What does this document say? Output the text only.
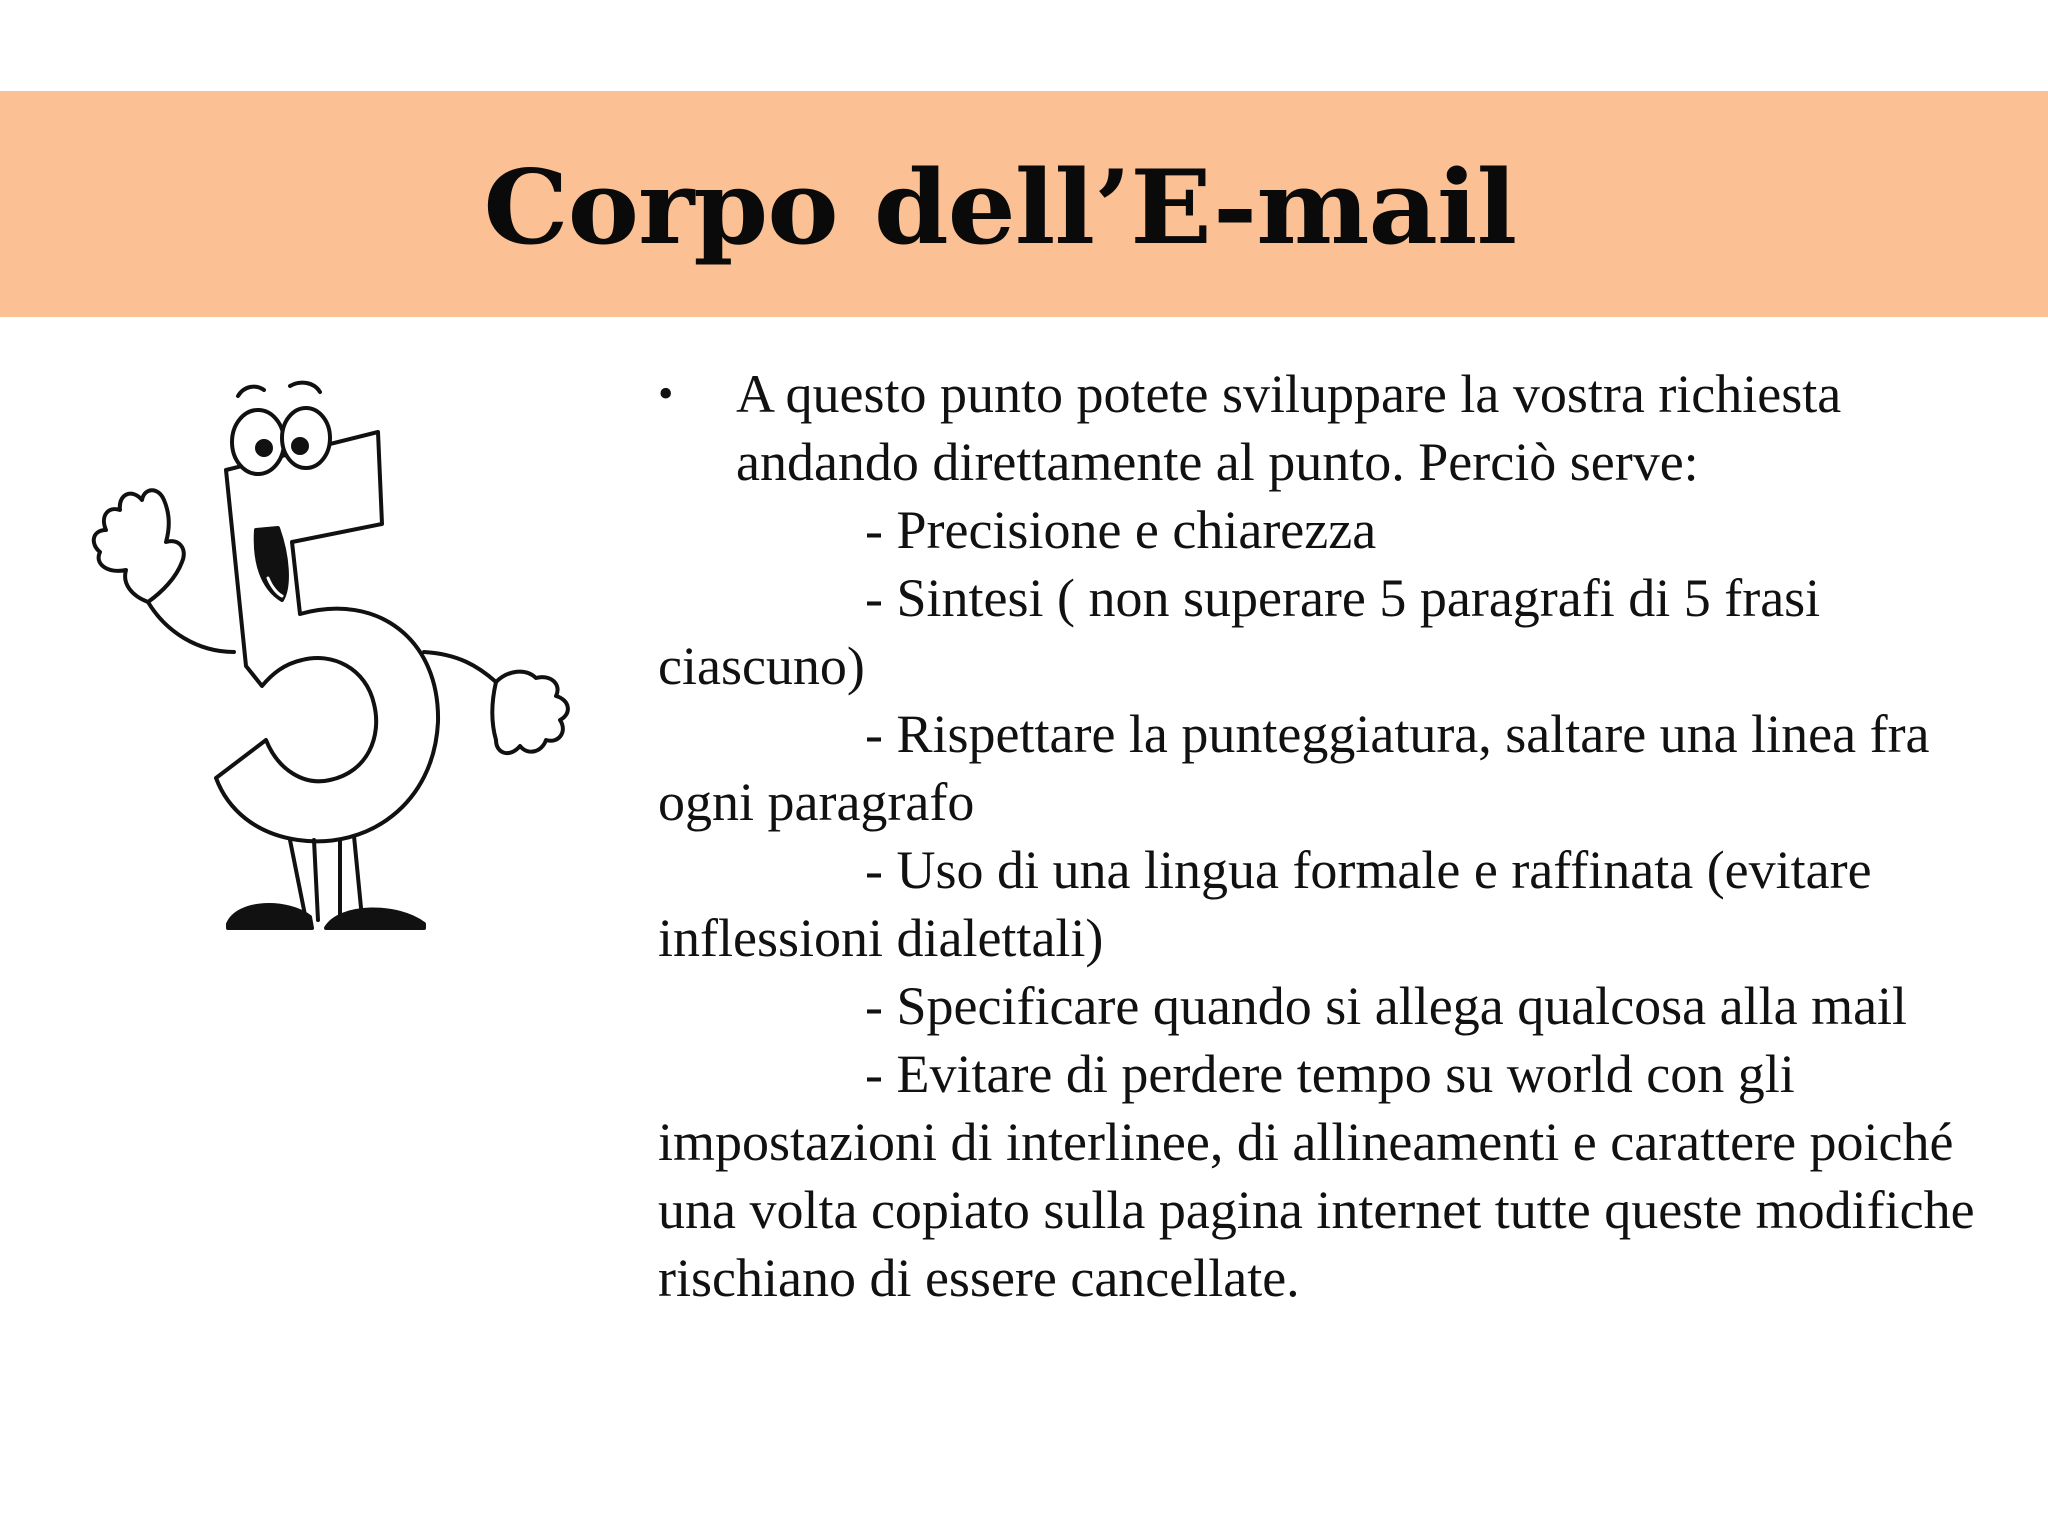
Corpo dell’E-mail
• A questo punto potete sviluppare la vostra richiesta andando direttamente al punto. Perciò serve:

- Precisione e chiarezza

- Sintesi ( non superare 5 paragrafi di 5 frasi ciascuno)

- Rispettare la punteggiatura, saltare una linea fra ogni paragrafo

- Uso di una lingua formale e raffinata (evitare inflessioni dialettali)

- Specificare quando si allega qualcosa alla mail

- Evitare di perdere tempo su world con gli impostazioni di interlinee, di allineamenti e carattere poiché una volta copiato sulla pagina internet tutte queste modifiche rischiano di essere cancellate.
